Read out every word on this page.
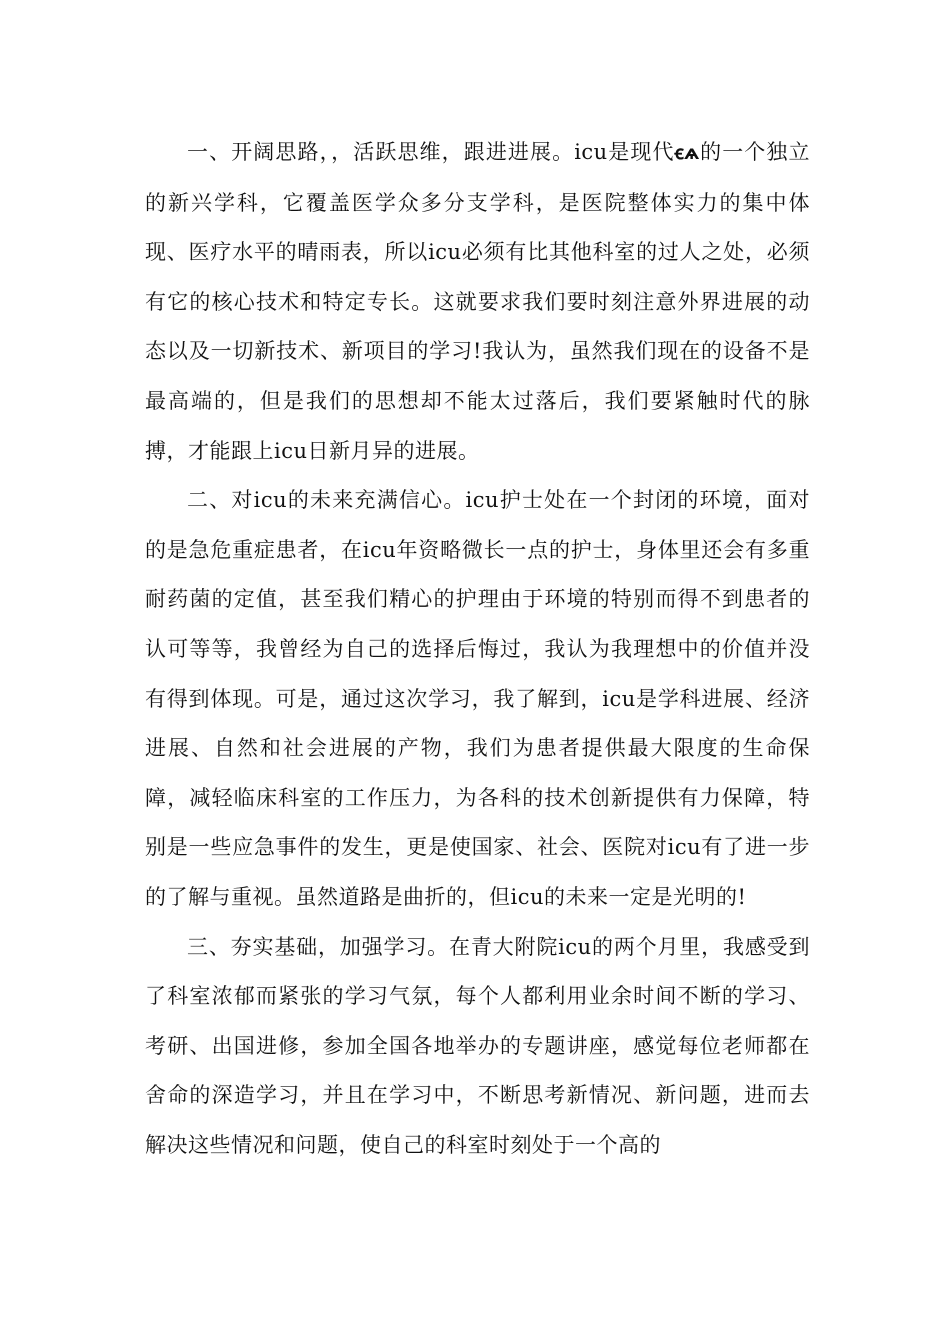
一、开阔思路，，活跃思维，跟进进展。icu是现代ꞓѧ的一个独立的新兴学科，它覆盖医学众多分支学科，是医院整体实力的集中体现、医疗水平的晴雨表，所以icu必须有比其他科室的过人之处，必须有它的核心技术和特定专长。这就要求我们要时刻注意外界进展的动态以及一切新技术、新项目的学习!我认为，虽然我们现在的设备不是最高端的，但是我们的思想却不能太过落后，我们要紧触时代的脉搏，才能跟上icu日新月异的进展。

二、对icu的未来充满信心。icu护士处在一个封闭的环境，面对的是急危重症患者，在icu年资略微长一点的护士，身体里还会有多重耐药菌的定值，甚至我们精心的护理由于环境的特别而得不到患者的认可等等，我曾经为自己的选择后悔过，我认为我理想中的价值并没有得到体现。可是，通过这次学习，我了解到，icu是学科进展、经济进展、自然和社会进展的产物，我们为患者提供最大限度的生命保障，减轻临床科室的工作压力，为各科的技术创新提供有力保障，特别是一些应急事件的发生，更是使国家、社会、医院对icu有了进一步的了解与重视。虽然道路是曲折的，但icu的未来一定是光明的!

三、夯实基础，加强学习。在青大附院icu的两个月里，我感受到了科室浓郁而紧张的学习气氛，每个人都利用业余时间不断的学习、考研、出国进修，参加全国各地举办的专题讲座，感觉每位老师都在舍命的深造学习，并且在学习中，不断思考新情况、新问题，进而去解决这些情况和问题，使自己的科室时刻处于一个高的
